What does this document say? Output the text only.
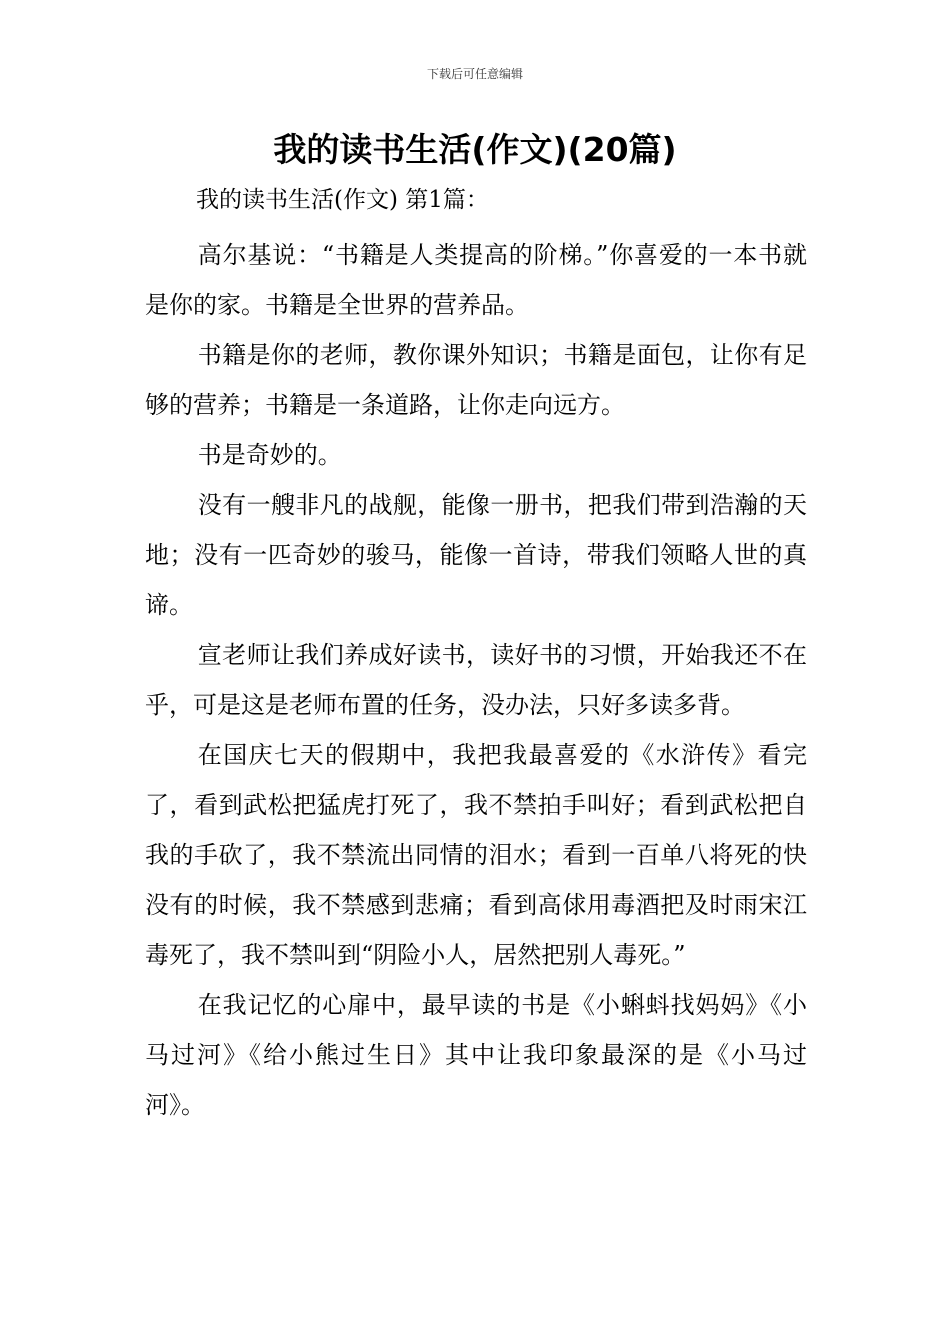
下载后可任意编辑
我的读书生活(作文)(20篇)
我的读书生活(作文) 第1篇：

高尔基说：“书籍是人类提高的阶梯。”你喜爱的一本书就是你的家。书籍是全世界的营养品。

书籍是你的老师，教你课外知识；书籍是面包，让你有足够的营养；书籍是一条道路，让你走向远方。

书是奇妙的。

没有一艘非凡的战舰，能像一册书，把我们带到浩瀚的天地；没有一匹奇妙的骏马，能像一首诗，带我们领略人世的真谛。

宣老师让我们养成好读书，读好书的习惯，开始我还不在乎，可是这是老师布置的任务，没办法，只好多读多背。

在国庆七天的假期中，我把我最喜爱的《水浒传》看完了，看到武松把猛虎打死了，我不禁拍手叫好；看到武松把自我的手砍了，我不禁流出同情的泪水；看到一百单八将死的快没有的时候，我不禁感到悲痛；看到高俅用毒酒把及时雨宋江毒死了，我不禁叫到“阴险小人，居然把别人毒死。”

在我记忆的心扉中，最早读的书是《小蝌蚪找妈妈》《小马过河》《给小熊过生日》其中让我印象最深的是《小马过河》。
